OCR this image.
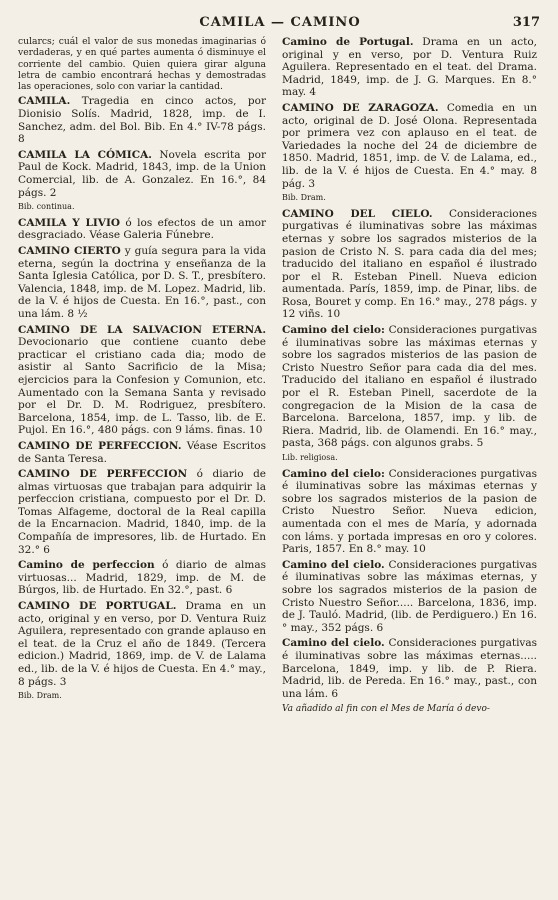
CAMILA — CAMINO	317
cularcs; cuál el valor de sus monedas imaginarias ó verdaderas, y en qué partes aumenta ó disminuye el corriente del cambio. Quien quiera girar alguna letra de cambio encontrará hechas y demostradas las operaciones, solo con variar la cantidad.
CAMILA. Tragedia en cinco actos, por Dionisio Solís. Madrid, 1828, imp. de I. Sanchez, adm. del Bol. Bib. En 4.° IV-78 págs. 8
CAMILA LA CÓMICA. Novela escrita por Paul de Kock. Madrid, 1843, imp. de la Union Comercial, lib. de A. Gonzalez. En 16.°, 84 págs. 2
Bib. continua.
CAMILA Y LIVIO ó los efectos de un amor desgraciado. Véase Galeria Fúnebre.
CAMINO CIERTO y guía segura para la vida eterna, según la doctrina y enseñanza de la Santa Iglesia Católica, por D. S. T., presbítero. Valencia, 1848, imp. de M. Lopez. Madrid, lib. de la V. é hijos de Cuesta. En 16.°, past., con una lám. 8 ½
CAMINO DE LA SALVACION ETERNA. Devocionario que contiene cuanto debe practicar el cristiano cada dia; modo de asistir al Santo Sacrificio de la Misa; ejercicios para la Confesion y Comunion, etc. Aumentado con la Semana Santa y revisado por el Dr. D. M. Rodriguez, presbítero. Barcelona, 1854, imp. de L. Tasso, lib. de E. Pujol. En 16.°, 480 págs. con 9 láms. finas. 10
CAMINO DE PERFECCION. Véase Escritos de Santa Teresa.
CAMINO DE PERFECCION ó diario de almas virtuosas que trabajan para adquirir la perfeccion cristiana, compuesto por el Dr. D. Tomas Alfageme, doctoral de la Real capilla de la Encarnacion. Madrid, 1840, imp. de la Compañía de impresores, lib. de Hurtado. En 32.° 6
Camino de perfeccion ó diario de almas virtuosas... Madrid, 1829, imp. de M. de Búrgos, lib. de Hurtado. En 32.°, past. 6
CAMINO DE PORTUGAL. Drama en un acto, original y en verso, por D. Ventura Ruiz Aguilera, representado con grande aplauso en el teat. de la Cruz el año de 1849. (Tercera edicion.) Madrid, 1869, imp. de V. de Lalama ed., lib. de la V. é hijos de Cuesta. En 4.° may., 8 págs. 3
Bib. Dram.
Camino de Portugal. Drama en un acto, original y en verso, por D. Ventura Ruiz Aguilera. Representado en el teat. del Drama. Madrid, 1849, imp. de J. G. Marques. En 8.° may. 4
CAMINO DE ZARAGOZA. Comedia en un acto, original de D. José Olona. Representada por primera vez con aplauso en el teat. de Variedades la noche del 24 de diciembre de 1850. Madrid, 1851, imp. de V. de Lalama, ed., lib. de la V. é hijos de Cuesta. En 4.° may. 8 pág. 3
Bib. Dram.
CAMINO DEL CIELO. Consideraciones purgativas é iluminativas sobre las máximas eternas y sobre los sagrados misterios de la pasion de Cristo N. S. para cada dia del mes; traducido del italiano en español é ilustrado por el R. Esteban Pinell. Nueva edicion aumentada. París, 1859, imp. de Pinar, libs. de Rosa, Bouret y comp. En 16.° may., 278 págs. y 12 viñs. 10
Camino del cielo: Consideraciones purgativas é iluminativas sobre las máximas eternas y sobre los sagrados misterios de las pasion de Cristo Nuestro Señor para cada dia del mes. Traducido del italiano en español é ilustrado por el R. Esteban Pinell, sacerdote de la congregacion de la Mision de la casa de Barcelona. Barcelona, 1857, imp. y lib. de Riera. Madrid, lib. de Olamendi. En 16.° may., pasta, 368 págs. con algunos grabs. 5
Lib. religiosa.
Camino del cielo: Consideraciones purgativas é iluminativas sobre las máximas eternas y sobre los sagrados misterios de la pasion de Cristo Nuestro Señor. Nueva edicion, aumentada con el mes de María, y adornada con láms. y portada impresas en oro y colores. Paris, 1857. En 8.° may. 10
Camino del cielo. Consideraciones purgativas é iluminativas sobre las máximas eternas, y sobre los sagrados misterios de la pasion de Cristo Nuestro Señor..... Barcelona, 1836, imp. de J. Tauló. Madrid, (lib. de Perdiguero.) En 16.° may., 352 págs. 6
Camino del cielo. Consideraciones purgativas é iluminativas sobre las máximas eternas..... Barcelona, 1849, imp. y lib. de P. Riera. Madrid, lib. de Pereda. En 16.° may., past., con una lám. 6
Va añadido al fin con el Mes de María ó devo-
